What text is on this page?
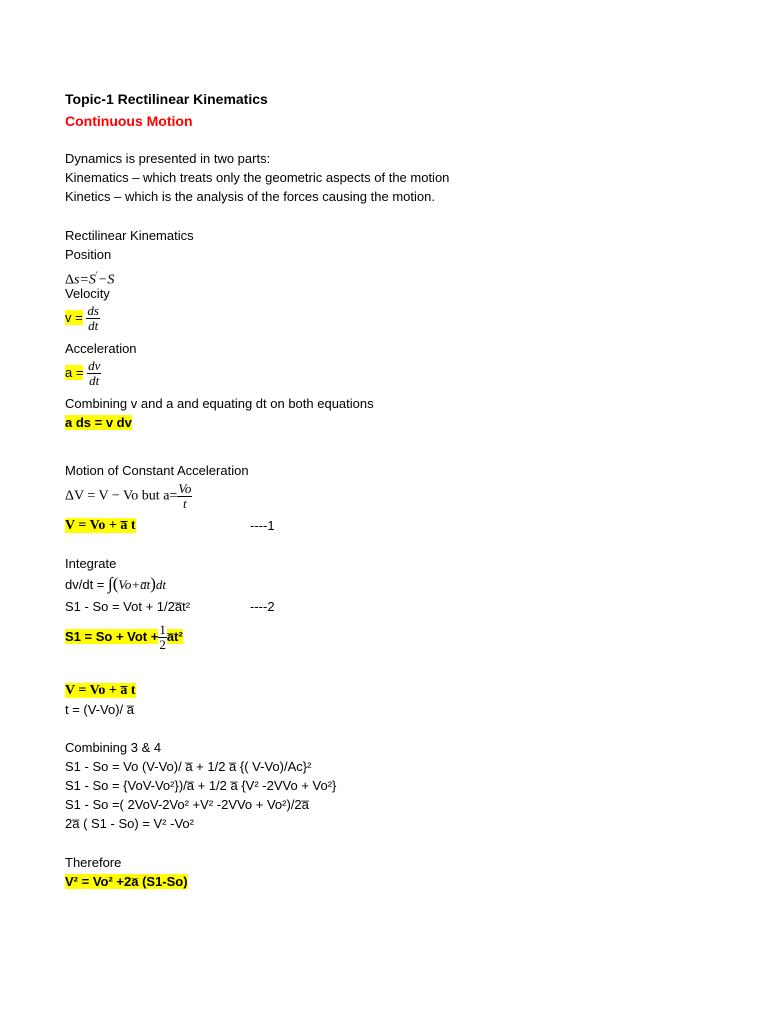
Topic-1 Rectilinear Kinematics
Continuous Motion
Dynamics is presented in two parts:
Kinematics – which treats only the geometric aspects of the motion
Kinetics – which is the analysis of the forces causing the motion.
Rectilinear Kinematics
Position
Δs=S′−S
Velocity
$v = \frac{ds}{dt}$
Acceleration
$a = \frac{dv}{dt}$
Combining v and a and equating dt on both equations
a ds = v dv
Motion of Constant Acceleration
ΔV = V − Vo but $a= \frac{Vo}{t}$
V = Vo + a̅ t	----1
Integrate
dv/dt = ∫(Vo+a̅t)dt
S1 - So = Vot + 1/2a̅t²	----2
S1 = So + Vot + $\frac{1}{2}$ a̅t²
V = Vo + a̅ t
t = (V-Vo)/ a̅
Combining 3 & 4
S1 - So = Vo (V-Vo)/ a̅ + 1/2 a̅ {( V-Vo)/Ac}²
S1 - So = {VoV-Vo²})/a̅ + 1/2 a̅ {V² -2VVo + Vo²}
S1 - So =( 2VoV-2Vo² +V² -2VVo + Vo²)/2a̅
2a̅ ( S1 - So) = V² -Vo²
Therefore
V² = Vo² +2a̅ (S1-So)
